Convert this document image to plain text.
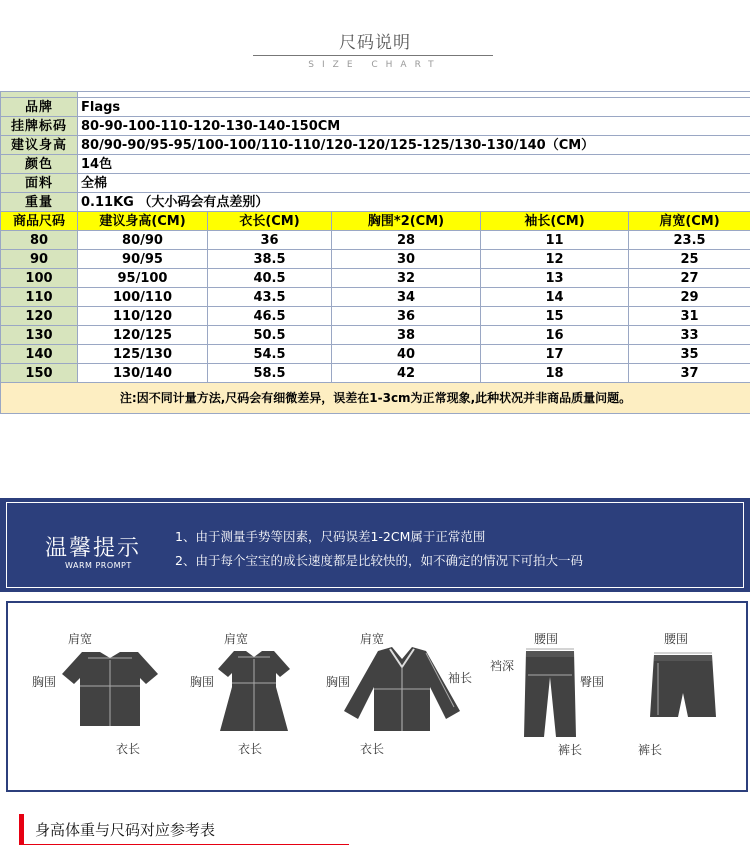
尺码说明
SIZE CHART

品牌	Flags				
挂牌标码	80-90-100-110-120-130-140-150CM				
建议身高	80/90-90/95-95/100-100/110-110/120-120/125-125/130-130/140（CM）				
颜色	14色				
面料	全棉				
重量	0.11KG （大小码会有点差别）				
商品尺码	建议身高(CM)	衣长(CM)	胸围*2(CM)	袖长(CM)	肩宽(CM)
80	80/90	36	28	11	23.5
90	90/95	38.5	30	12	25
100	95/100	40.5	32	13	27
110	100/110	43.5	34	14	29
120	110/120	46.5	36	15	31
130	120/125	50.5	38	16	33
140	125/130	54.5	40	17	35
150	130/140	58.5	42	18	37
注:因不同计量方法,尺码会有细微差异，误差在1-3cm为正常现象,此种状况并非商品质量问题。					
温馨提示
WARM PROMPT
1、由于测量手势等因素，尺码误差1-2CM属于正常范围
2、由于每个宝宝的成长速度都是比较快的，如不确定的情况下可拍大一码
肩宽
胸围
衣长
肩宽
胸围
衣长
肩宽
胸围	袖长
衣长
腰围
裆深
臀围
裤长
腰围
裤长
身高体重与尺码对应参考表
